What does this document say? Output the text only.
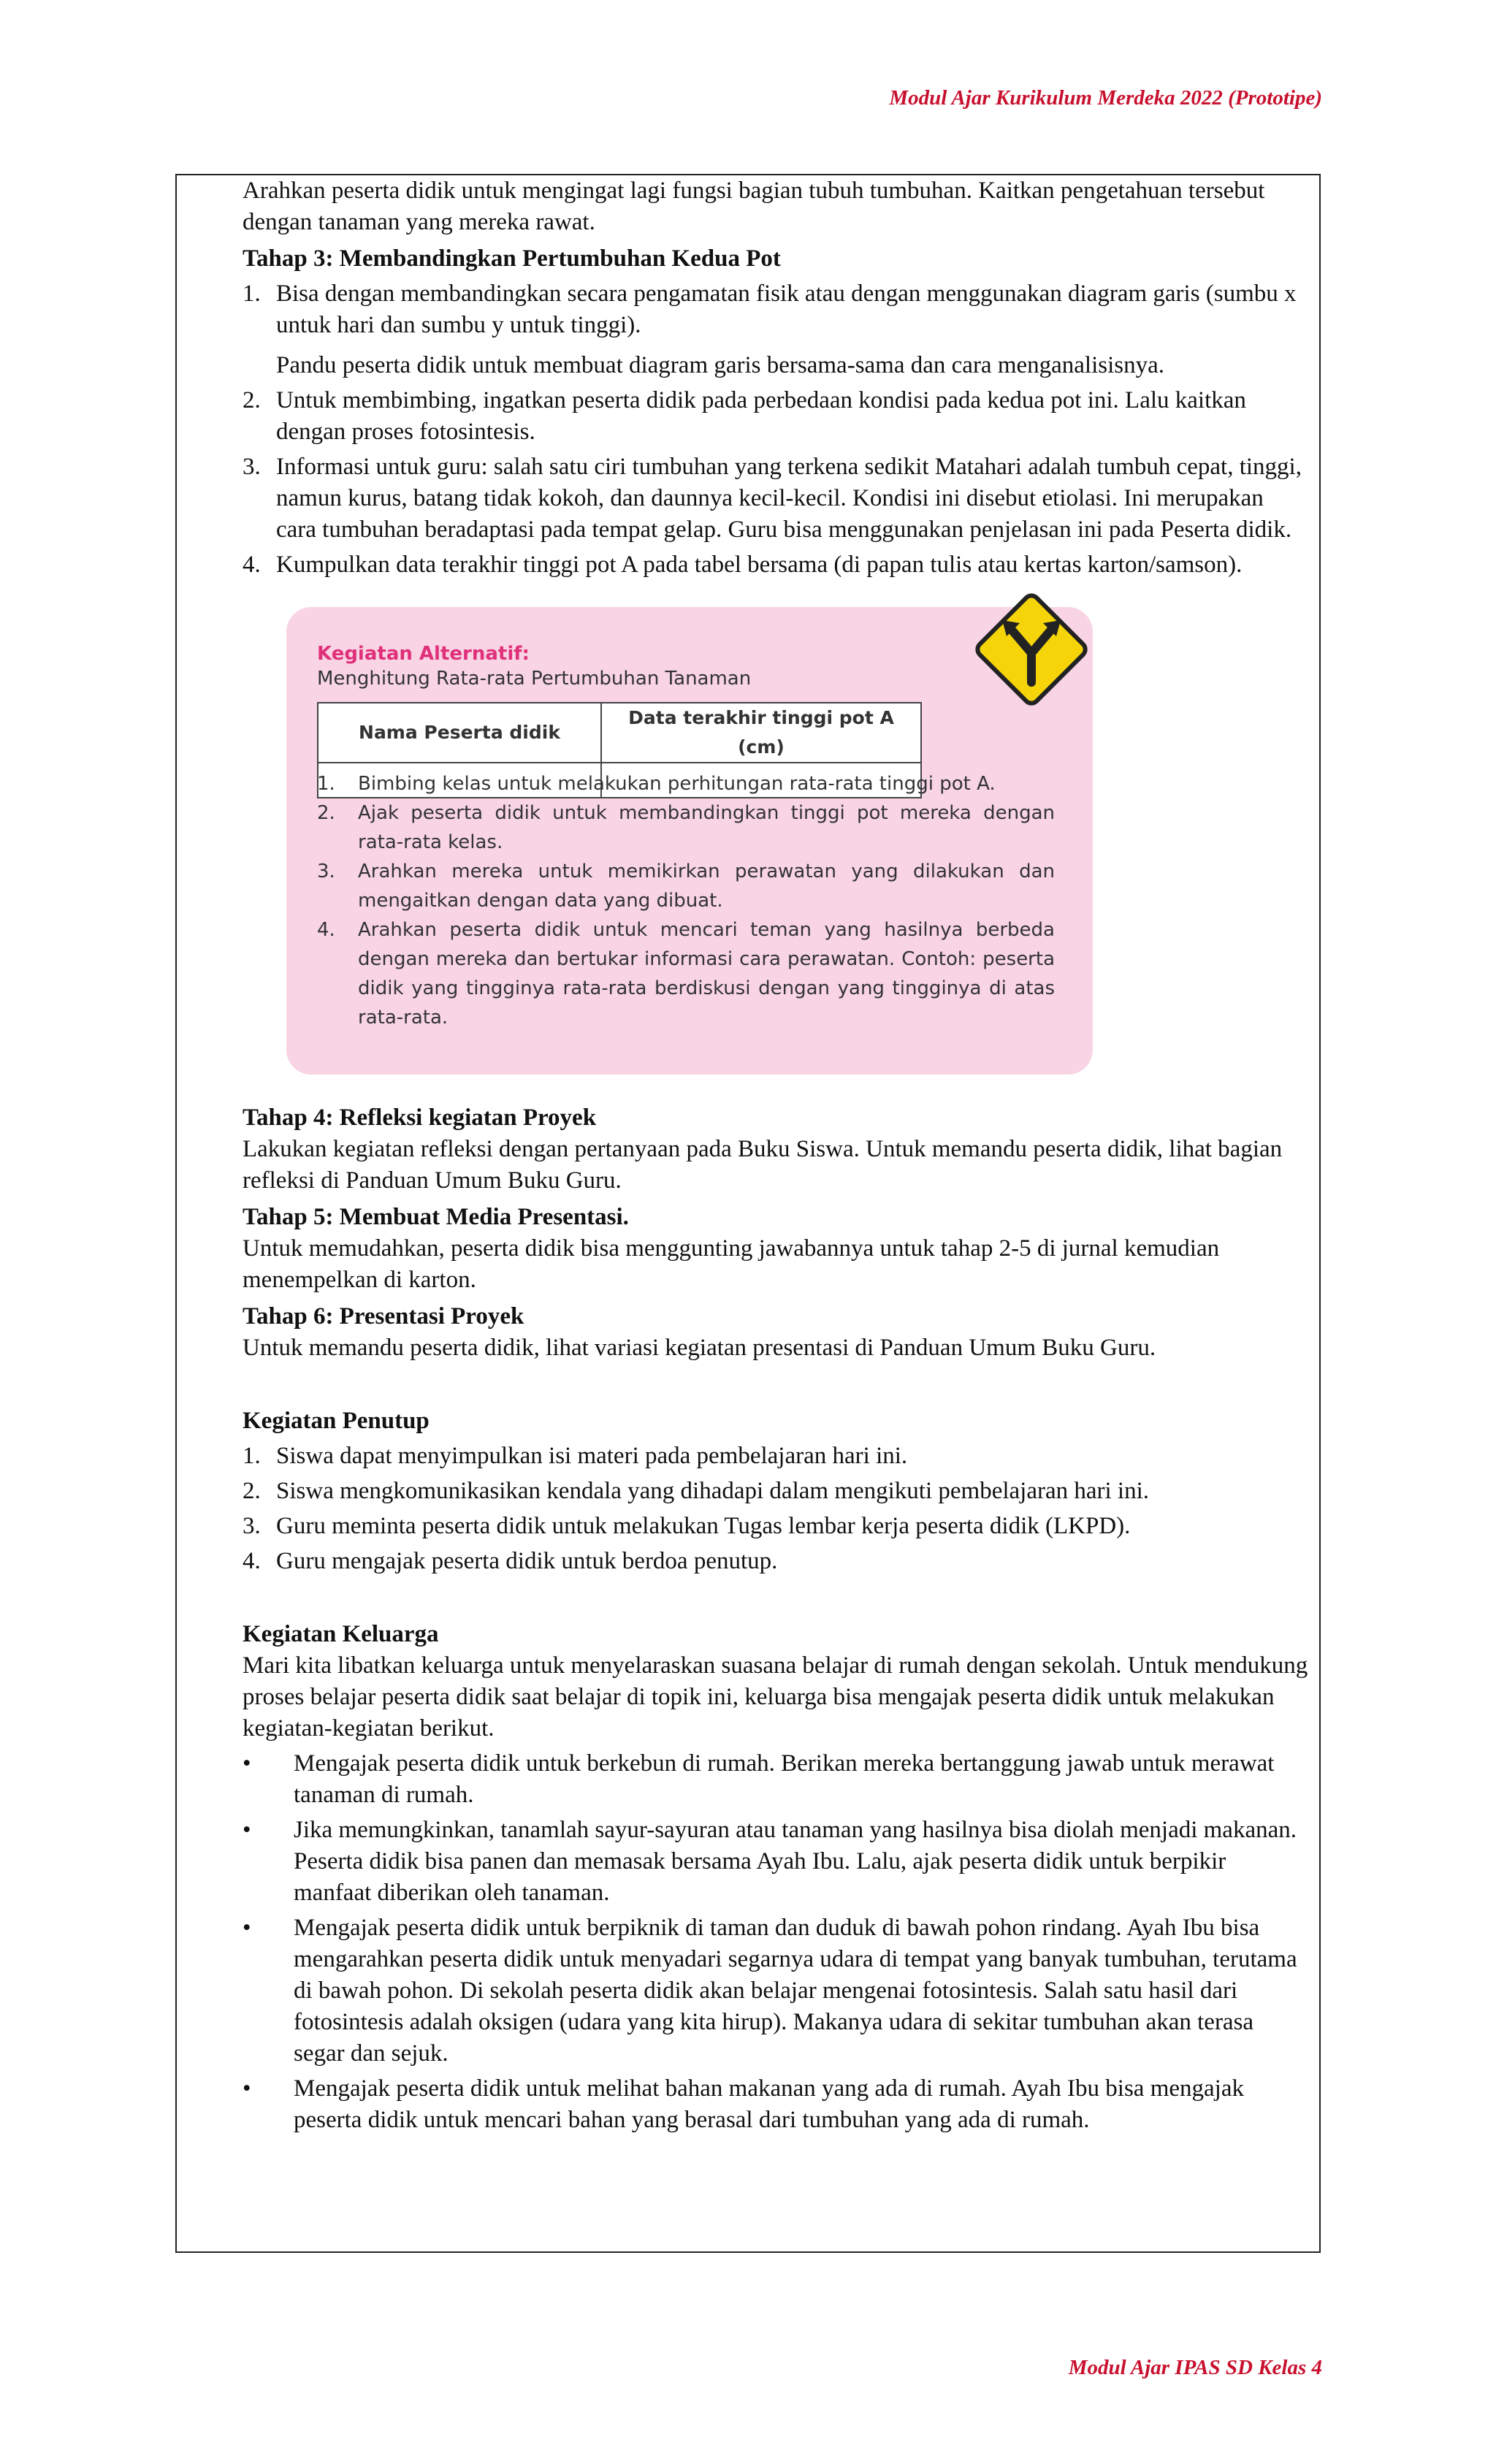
Modul Ajar Kurikulum Merdeka 2022 (Prototipe)

Arahkan peserta didik untuk mengingat lagi fungsi bagian tubuh tumbuhan. Kaitkan pengetahuan tersebut dengan tanaman yang mereka rawat.

Tahap 3: Membandingkan Pertumbuhan Kedua Pot

1. Bisa dengan membandingkan secara pengamatan fisik atau dengan menggunakan diagram garis (sumbu x untuk hari dan sumbu y untuk tinggi).

Pandu peserta didik untuk membuat diagram garis bersama-sama dan cara menganalisisnya.

2. Untuk membimbing, ingatkan peserta didik pada perbedaan kondisi pada kedua pot ini. Lalu kaitkan dengan proses fotosintesis.
3. Informasi untuk guru: salah satu ciri tumbuhan yang terkena sedikit Matahari adalah tumbuh cepat, tinggi, namun kurus, batang tidak kokoh, dan daunnya kecil-kecil. Kondisi ini disebut etiolasi. Ini merupakan cara tumbuhan beradaptasi pada tempat gelap. Guru bisa menggunakan penjelasan ini pada Peserta didik.
4. Kumpulkan data terakhir tinggi pot A pada tabel bersama (di papan tulis atau kertas karton/samson).
Kegiatan Alternatif:
Menghitung Rata-rata Pertumbuhan Tanaman
Nama Peserta didik	Data terakhir tinggi pot A (cm)

1. Bimbing kelas untuk melakukan perhitungan rata-rata tinggi pot A.
2. Ajak peserta didik untuk membandingkan tinggi pot mereka dengan rata-rata kelas.
3. Arahkan mereka untuk memikirkan perawatan yang dilakukan dan mengaitkan dengan data yang dibuat.
4. Arahkan peserta didik untuk mencari teman yang hasilnya berbeda dengan mereka dan bertukar informasi cara perawatan. Contoh: peserta didik yang tingginya rata-rata berdiskusi dengan yang tingginya di atas rata-rata.

Tahap 4: Refleksi kegiatan Proyek

Lakukan kegiatan refleksi dengan pertanyaan pada Buku Siswa. Untuk memandu peserta didik, lihat bagian refleksi di Panduan Umum Buku Guru.

Tahap 5: Membuat Media Presentasi.

Untuk memudahkan, peserta didik bisa menggunting jawabannya untuk tahap 2-5 di jurnal kemudian menempelkan di karton.

Tahap 6: Presentasi Proyek

Untuk memandu peserta didik, lihat variasi kegiatan presentasi di Panduan Umum Buku Guru.

Kegiatan Penutup

1. Siswa dapat menyimpulkan isi materi pada pembelajaran hari ini.
2. Siswa mengkomunikasikan kendala yang dihadapi dalam mengikuti pembelajaran hari ini.
3. Guru meminta peserta didik untuk melakukan Tugas lembar kerja peserta didik (LKPD).
4. Guru mengajak peserta didik untuk berdoa penutup.

Kegiatan Keluarga

Mari kita libatkan keluarga untuk menyelaraskan suasana belajar di rumah dengan sekolah. Untuk mendukung proses belajar peserta didik saat belajar di topik ini, keluarga bisa mengajak peserta didik untuk melakukan kegiatan-kegiatan berikut.

• Mengajak peserta didik untuk berkebun di rumah. Berikan mereka bertanggung jawab untuk merawat tanaman di rumah.
• Jika memungkinkan, tanamlah sayur-sayuran atau tanaman yang hasilnya bisa diolah menjadi makanan. Peserta didik bisa panen dan memasak bersama Ayah Ibu. Lalu, ajak peserta didik untuk berpikir manfaat diberikan oleh tanaman.
• Mengajak peserta didik untuk berpiknik di taman dan duduk di bawah pohon rindang. Ayah Ibu bisa mengarahkan peserta didik untuk menyadari segarnya udara di tempat yang banyak tumbuhan, terutama di bawah pohon. Di sekolah peserta didik akan belajar mengenai fotosintesis. Salah satu hasil dari fotosintesis adalah oksigen (udara yang kita hirup). Makanya udara di sekitar tumbuhan akan terasa segar dan sejuk.
• Mengajak peserta didik untuk melihat bahan makanan yang ada di rumah. Ayah Ibu bisa mengajak peserta didik untuk mencari bahan yang berasal dari tumbuhan yang ada di rumah.
Modul Ajar IPAS SD Kelas 4
